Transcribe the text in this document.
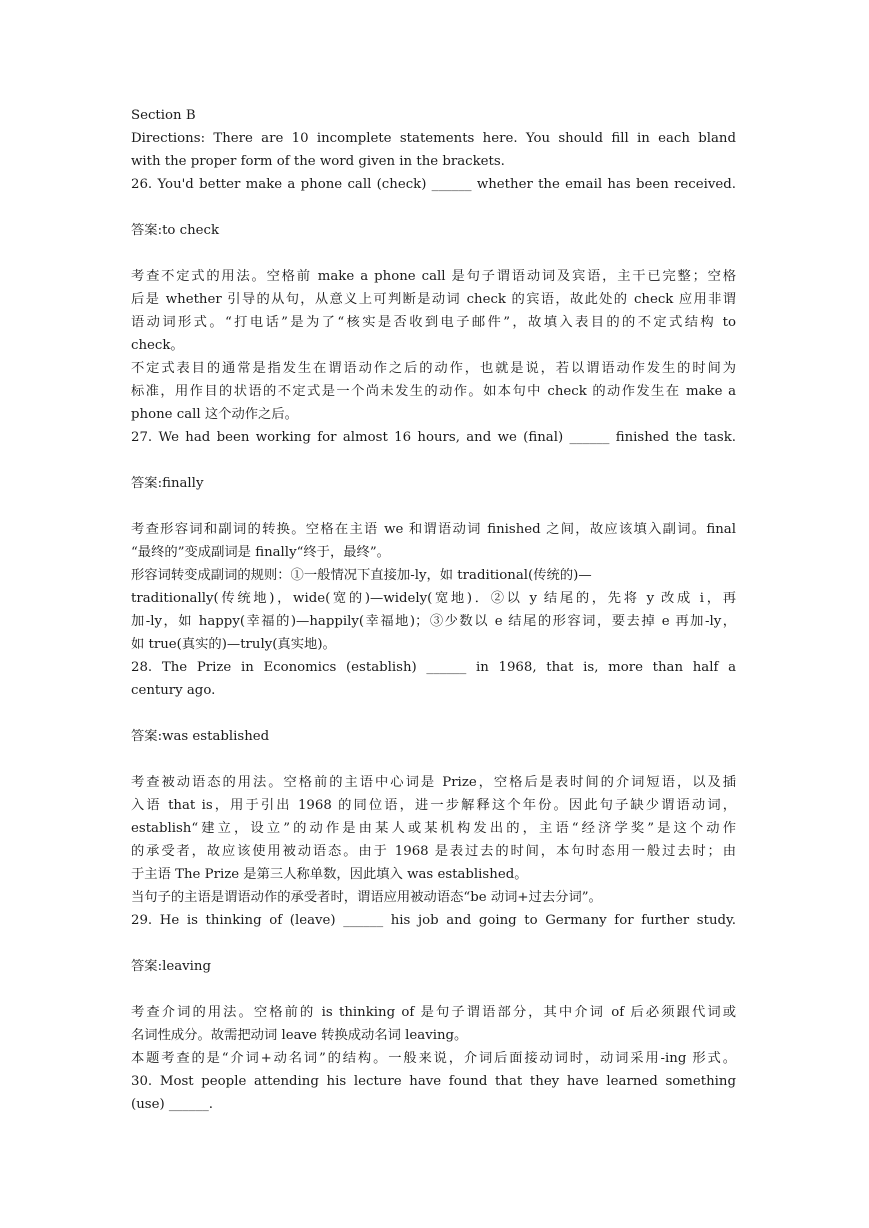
Section B
Directions: There are 10 incomplete statements here. You should fill in each bland
with the proper form of the word given in the brackets.
26. You'd better make a phone call (check) ______ whether the email has been received.
答案:to check
考查不定式的用法。空格前 make a phone call 是句子谓语动词及宾语，主干已完整；空格
后是 whether 引导的从句，从意义上可判断是动词 check 的宾语，故此处的 check 应用非谓
语动词形式。“打电话”是为了“核实是否收到电子邮件”，故填入表目的的不定式结构 to
check。
不定式表目的通常是指发生在谓语动作之后的动作，也就是说，若以谓语动作发生的时间为
标准，用作目的状语的不定式是一个尚未发生的动作。如本句中 check 的动作发生在 make a
phone call 这个动作之后。
27. We had been working for almost 16 hours, and we (final) ______ finished the task.
答案:finally
考查形容词和副词的转换。空格在主语 we 和谓语动词 finished 之间，故应该填入副词。final
“最终的”变成副词是 finally“终于，最终”。
形容词转变成副词的规则：①一般情况下直接加-ly，如 traditional(传统的)—
traditionally(传统地)，wide(宽的)—widely(宽地)．②以 y 结尾的，先将 y 改成 i，再
加-ly，如 happy(幸福的)—happily(幸福地)；③少数以 e 结尾的形容词，要去掉 e 再加-ly，
如 true(真实的)—truly(真实地)。
28. The Prize in Economics (establish) ______ in 1968, that is, more than half a
century ago.
答案:was established
考查被动语态的用法。空格前的主语中心词是 Prize，空格后是表时间的介词短语，以及插
入语 that is，用于引出 1968 的同位语，进一步解释这个年份。因此句子缺少谓语动词，
establish“建立，设立”的动作是由某人或某机构发出的，主语“经济学奖”是这个动作
的承受者，故应该使用被动语态。由于 1968 是表过去的时间，本句时态用一般过去时；由
于主语 The Prize 是第三人称单数，因此填入 was established。
当句子的主语是谓语动作的承受者时，谓语应用被动语态“be 动词+过去分词”。
29. He is thinking of (leave) ______ his job and going to Germany for further study.
答案:leaving
考查介词的用法。空格前的 is thinking of 是句子谓语部分，其中介词 of 后必须跟代词或
名词性成分。故需把动词 leave 转换成动名词 leaving。
本题考查的是“介词+动名词”的结构。一般来说，介词后面接动词时，动词采用-ing 形式。
30. Most people attending his lecture have found that they have learned something
(use) ______.
